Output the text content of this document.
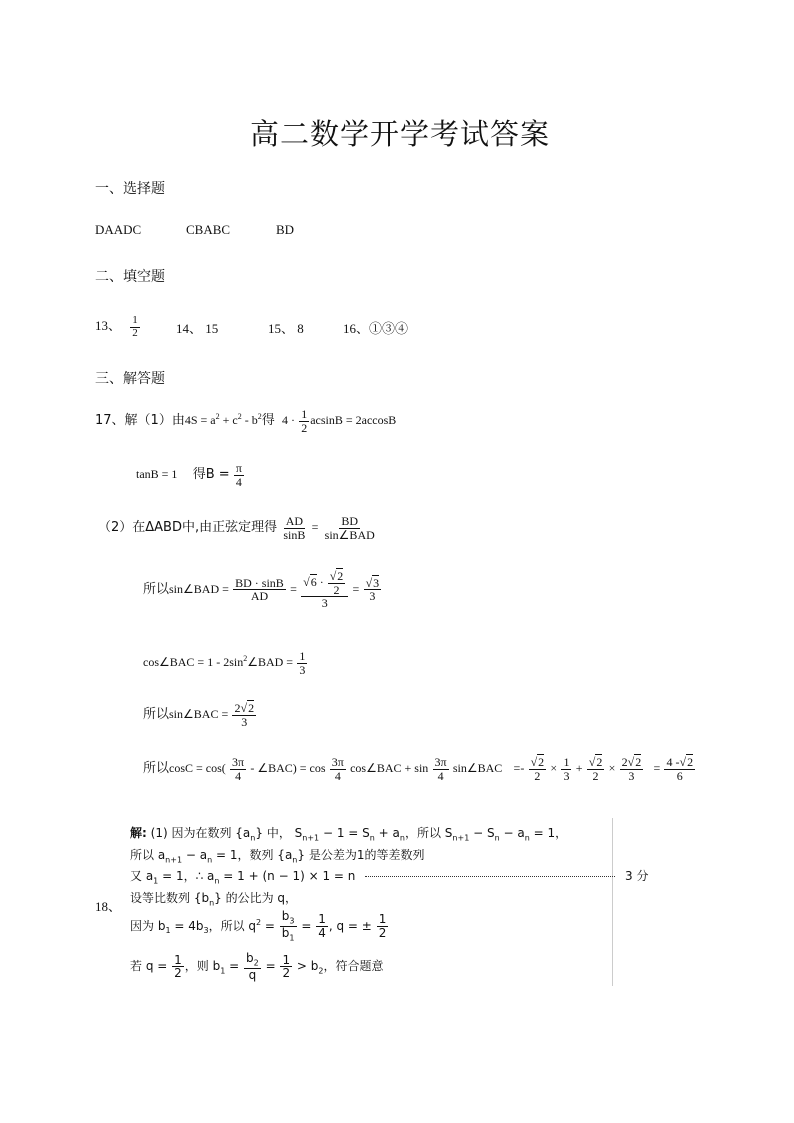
高二数学开学考试答案
一、选择题
DAADC	CBABC	BD
二、填空题
13、 $\frac{1}{2}$	14、 15	15、 8	16、①③④
三、解答题
17、解（1）由$4S = a^2 + c^2 - b^2$得 $4 \cdot \frac{1}{2}$ acsinB = 2accosB
tanB = 1 得$B = \frac{\pi}{4}$
（2）在ΔABD中,由正弦定理得 $\frac{AD}{\sin B} = \frac{BD}{\text{sin∠BAD}}$
所以sin∠BAD = $\frac{BD \cdot \sin B}{AD} = \frac{√6 \cdot \frac{√2}{2}}{3} = \frac{√3}{3}$
cos∠BAC = $1 - 2\sin^2\angle BAD = \frac{1}{3}$
所以sin∠BAC = $\frac{2√2}{3}$
所以$\cos C = \cos( \frac{3\pi}{4}$ - ∠BAC) = $\cos \frac{3\pi}{4}$ cos∠BAC + $\sin \frac{3\pi}{4}$ sin∠BAC =- $\frac{√2}{2} \times \frac{1}{3} + \frac{√2}{2} \times \frac{2√2}{3} = \frac{4 -√2}{6}$
18、
解: (1) 因为在数列 $\{a_n\}$ 中， $S_{n+1} - 1 = S_n + a_n$，所以 $S_{n+1} - S_n - a_n = 1$，
所以 $a_{n+1} - a_n = 1$，数列 $\{a_n\}$ 是公差为1的等差数列
又 $a_1 = 1$，∴ $a_n = 1 + (n - 1) \times 1 = n$	3 分
设等比数列 $\{b_n\}$ 的公比为 q，
因为 $b_1 = 4b_3$，所以 $q^2 = \frac{b_3}{b_1} = \frac{1}{4}$ , q = ± $\frac{1}{2}$
若 $q = \frac{1}{2}$ ，则 $b_1 = \frac{b_2}{q} = \frac{1}{2} > b_2$，符合题意
